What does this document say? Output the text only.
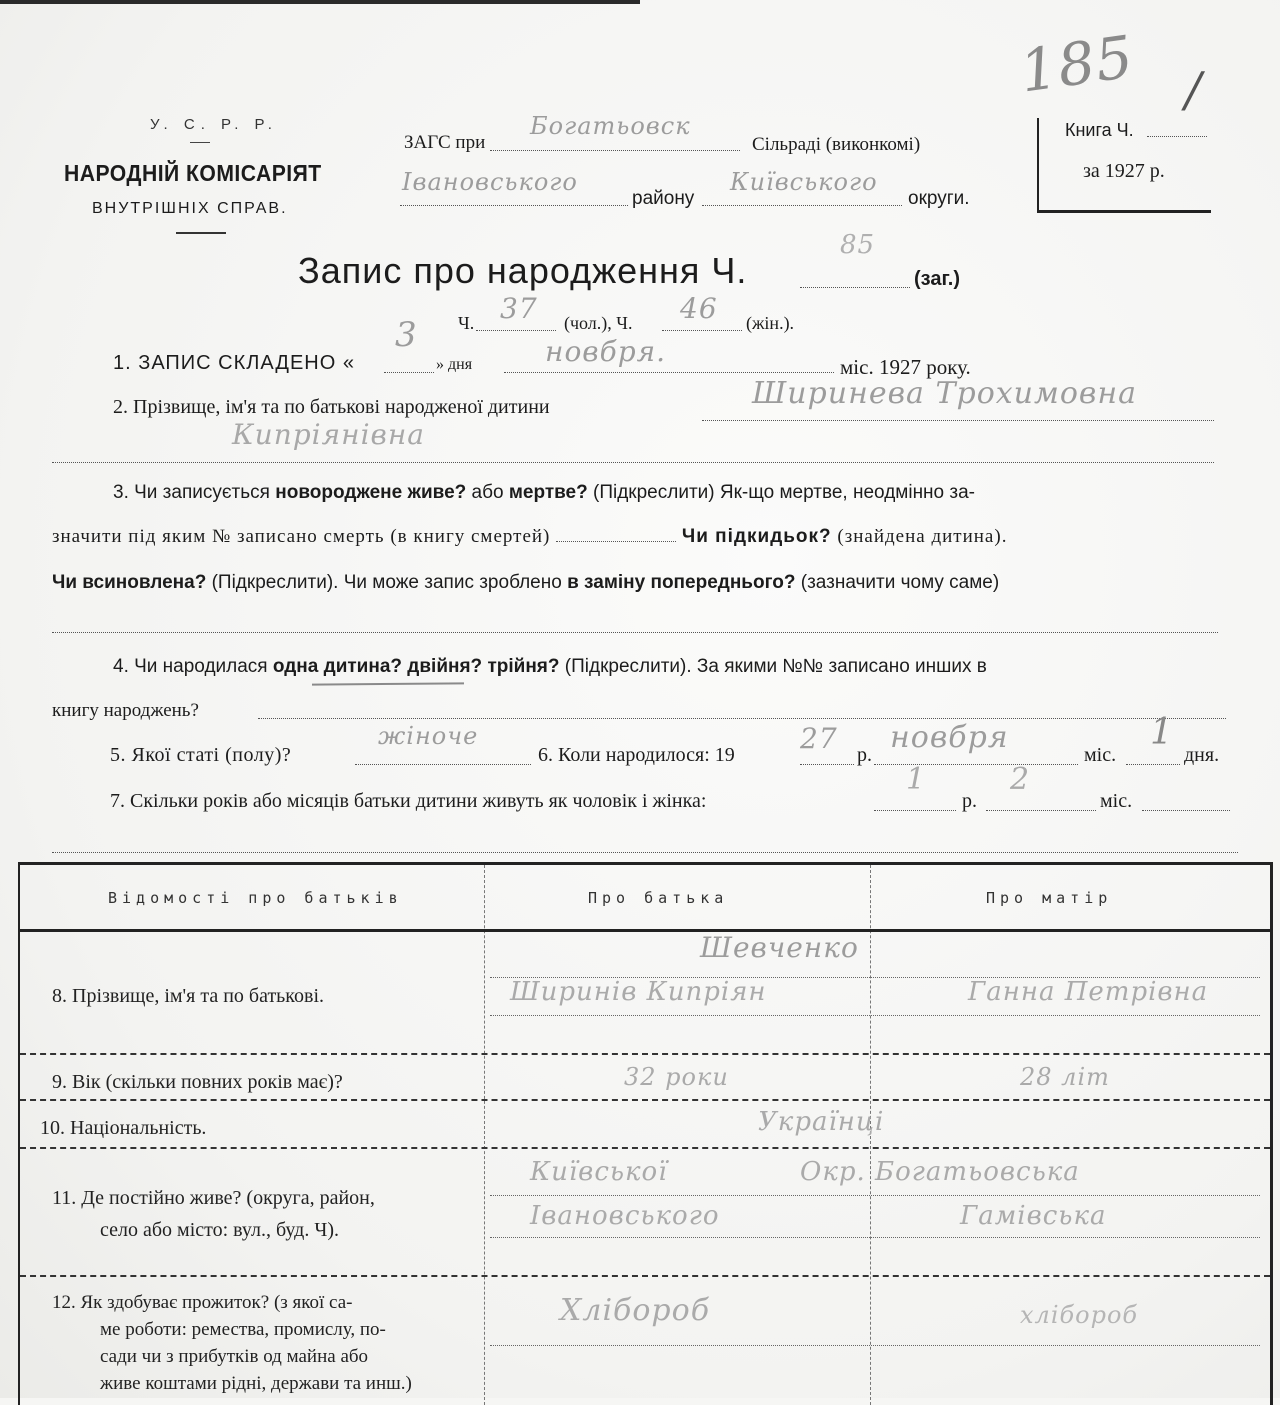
У. С. Р. Р.
НАРОДНІЙ КОМІСАРІЯТ
ВНУТРІШНІХ СПРАВ.
ЗАГС при
Богатьовск
Сільраді (виконкомі)
Івановського
району
Київського
округи.
185 /
Книга Ч.
за 1927 р.
Запис про народження Ч.
85
(заг.)
Ч. 37 (чол.), Ч. 46 (жін.).
1. ЗАПИС СКЛАДЕНО «
3
» дня	новбря.	міс. 1927 року.
2. Прізвище, ім'я та по батькові народженої дитини	Ширинева Трохимовна
Кипріянівна
3. Чи записується новороджене живе? або мертве? (Підкреслити) Як-що мертве, неодмінно за-
значити під яким № записано смерть (в книгу смертей)	Чи підкидьок? (знайдена дитина).
Чи всиновлена? (Підкреслити). Чи може запис зроблено в заміну попереднього? (зазначити чому саме)
4. Чи народилася одна дитина? двійня? трійня? (Підкреслити). За якими №№ записано инших в
книгу народжень?
5. Якої статі (полу)?
жіноче
6. Коли народилося: 19 27 р. новбря	міс.
1
дня.
7. Скільки років або місяців батьки дитини живуть як чоловік і жінка:
1
р.
2
міс.
Відомості про батьків	Про батька	Про матір
8. Прізвище, ім'я та по батькові.
Шевченко
Ширинів Кипріян	Ганна Петрівна
9. Вік (скільки повних років має)?	32 роки	28 літ
10. Національність.	Українці
11. Де постійно живе? (округа, район,
село або місто: вул., буд. Ч).
Київської	Окр. Богатьовська
Івановського	Гамівська
12. Як здобуває прожиток? (з якої са-
ме роботи: ремества, промислу, по-
сади чи з прибутків од майна або
живе коштами рідні, держави та инш.)
Хлібороб	хлібороб
